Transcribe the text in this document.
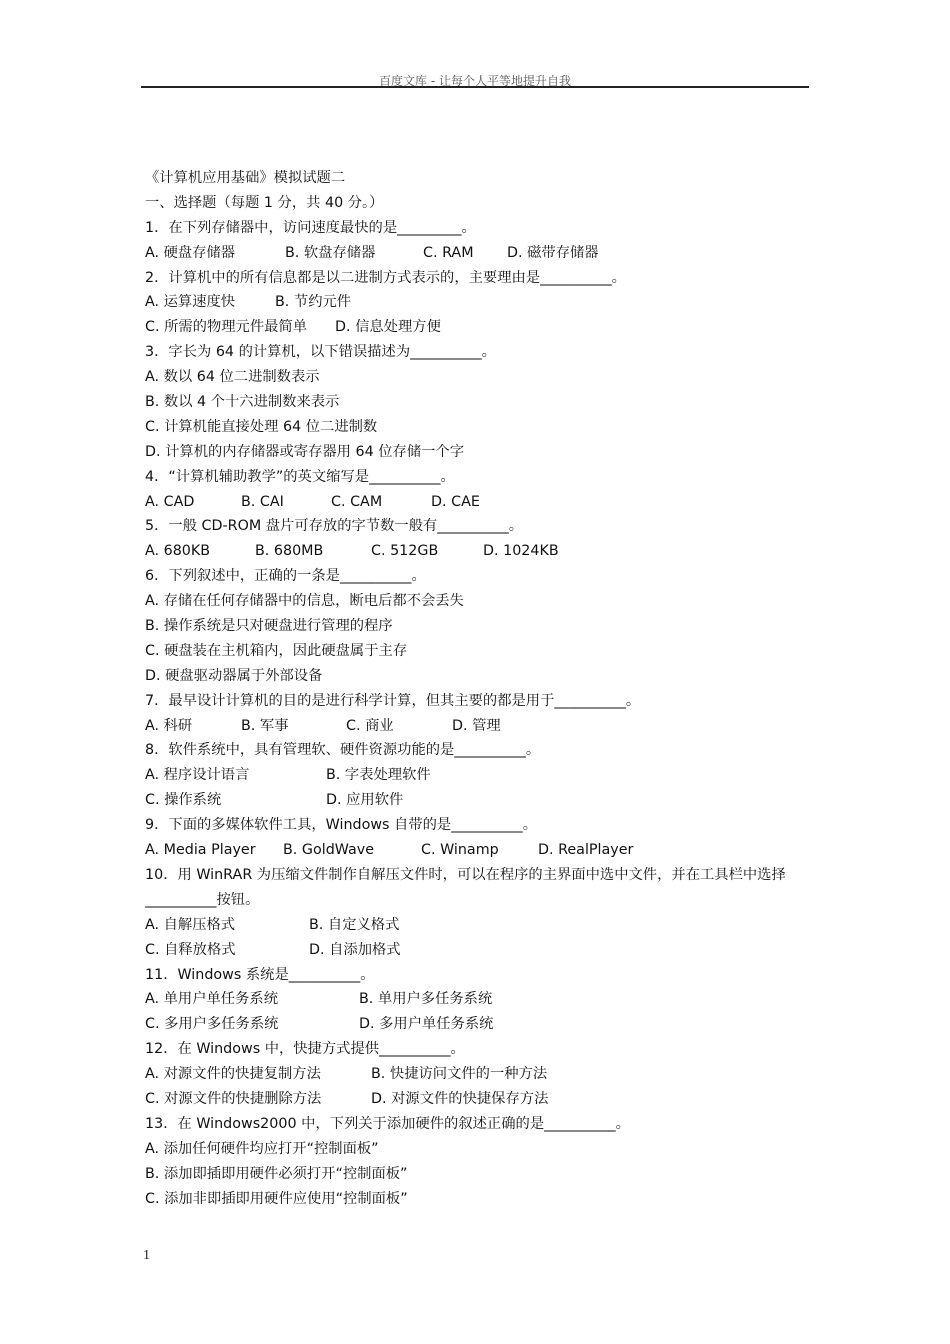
百度文库 - 让每个人平等地提升自我
《计算机应用基础》模拟试题二
一、选择题（每题 1 分，共 40 分。）
1．在下列存储器中，访问速度最快的是_________。
A. 硬盘存储器	B. 软盘存储器	C. RAM	D. 磁带存储器
2．计算机中的所有信息都是以二进制方式表示的，主要理由是__________。
A. 运算速度快	B. 节约元件
C. 所需的物理元件最简单	D. 信息处理方便
3．字长为 64 的计算机，以下错误描述为__________。
A. 数以 64 位二进制数表示
B. 数以 4 个十六进制数来表示
C. 计算机能直接处理 64 位二进制数
D. 计算机的内存储器或寄存器用 64 位存储一个字
4．“计算机辅助教学”的英文缩写是__________。
A. CAD	B. CAI	C. CAM	D. CAE
5．一般 CD-ROM 盘片可存放的字节数一般有__________。
A. 680KB	B. 680MB	C. 512GB	D. 1024KB
6．下列叙述中，正确的一条是__________。
A. 存储在任何存储器中的信息，断电后都不会丢失
B. 操作系统是只对硬盘进行管理的程序
C. 硬盘装在主机箱内，因此硬盘属于主存
D. 硬盘驱动器属于外部设备
7．最早设计计算机的目的是进行科学计算，但其主要的都是用于__________。
A. 科研	B. 军事	C. 商业	D. 管理
8．软件系统中，具有管理软、硬件资源功能的是__________。
A. 程序设计语言	B. 字表处理软件
C. 操作系统	D. 应用软件
9．下面的多媒体软件工具，Windows 自带的是__________。
A. Media Player	B. GoldWave	C. Winamp	D. RealPlayer
10．用 WinRAR 为压缩文件制作自解压文件时，可以在程序的主界面中选中文件，并在工具栏中选择__________按钮。
A. 自解压格式	B. 自定义格式
C. 自释放格式	D. 自添加格式
11．Windows 系统是__________。
A. 单用户单任务系统	B. 单用户多任务系统
C. 多用户多任务系统	D. 多用户单任务系统
12．在 Windows 中，快捷方式提供__________。
A. 对源文件的快捷复制方法	B. 快捷访问文件的一种方法
C. 对源文件的快捷删除方法	D. 对源文件的快捷保存方法
13．在 Windows2000 中，下列关于添加硬件的叙述正确的是__________。
A. 添加任何硬件均应打开“控制面板”
B. 添加即插即用硬件必须打开“控制面板”
C. 添加非即插即用硬件应使用“控制面板”
1
